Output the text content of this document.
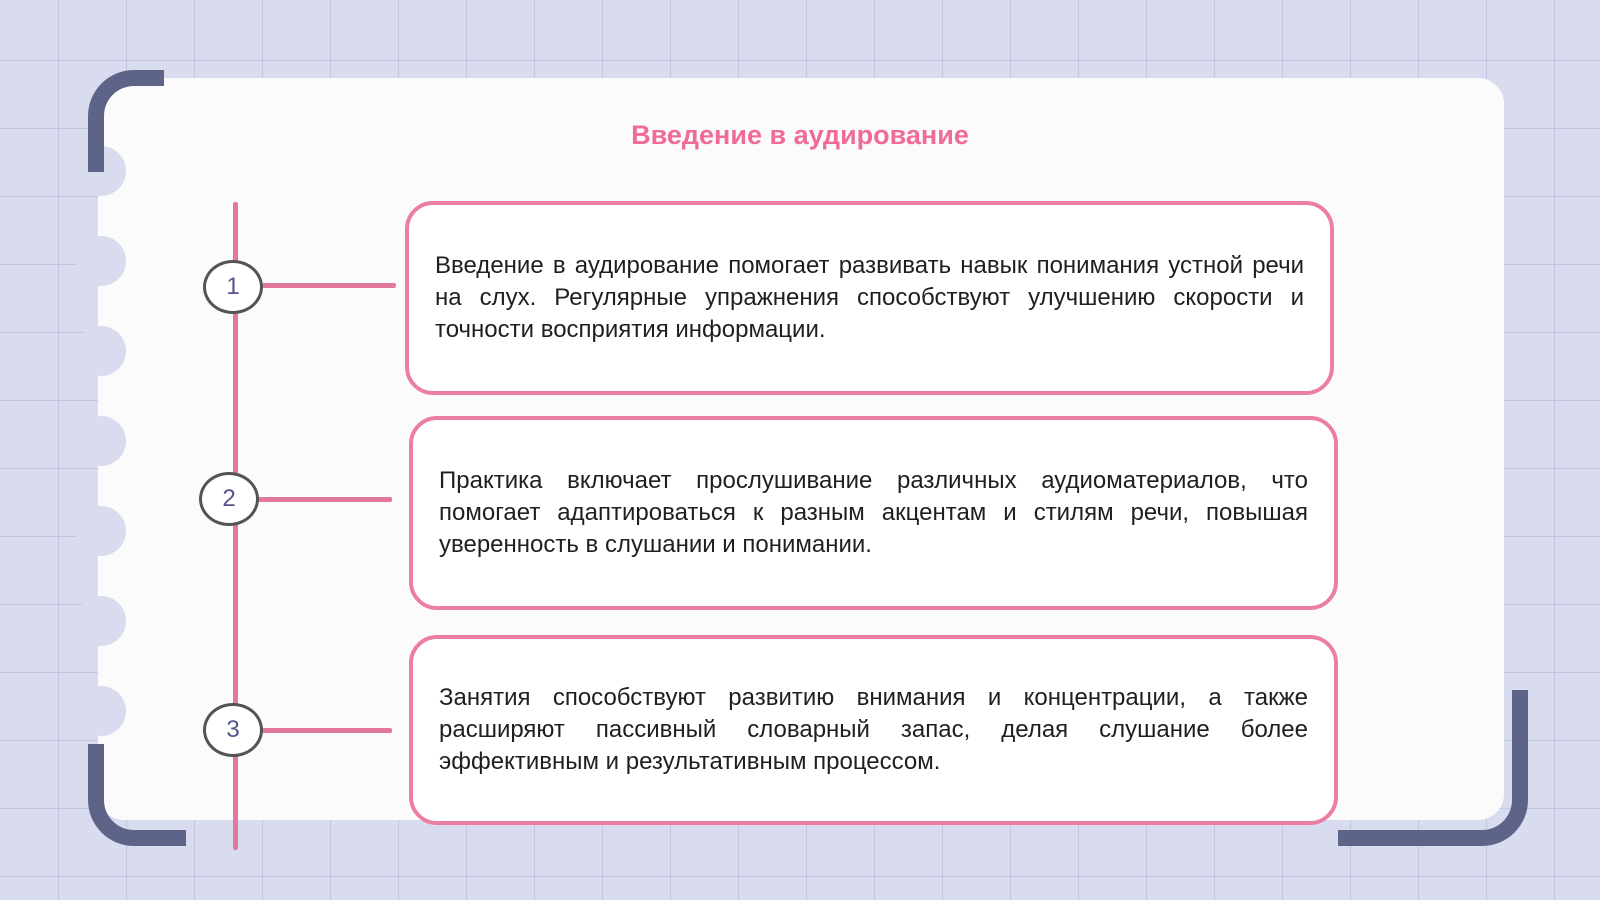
Введение в аудирование
1
2
3

Введение в аудирование помогает развивать навык понимания устной речи на слух. Регулярные упражнения способствуют улучшению скорости и точности восприятия информации.

Практика включает прослушивание различных аудиоматериалов, что помогает адаптироваться к разным акцентам и стилям речи, повышая уверенность в слушании и понимании.

Занятия способствуют развитию внимания и концентрации, а также расширяют пассивный словарный запас, делая слушание более эффективным и результативным процессом.
